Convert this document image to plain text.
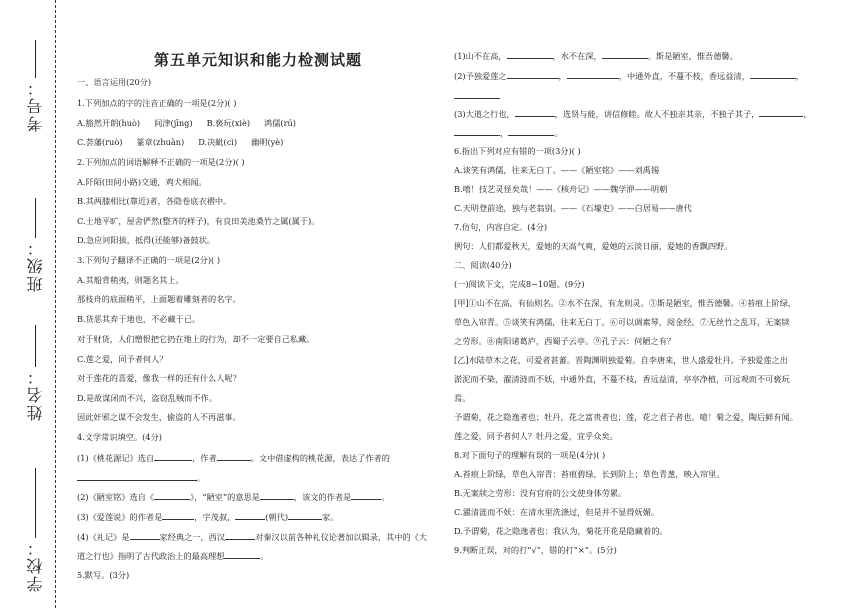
考号：
班级：
姓名：
学校：
第五单元知识和能力检测试题
一、语言运用(20分)
1.下列加点的字的注音正确的一项是(2分)( )
A.豁然开朗(huò) 间津(jīng) B.亵玩(xiè) 鸿儒(rú)
C.荟藩(ruò) 篆章(zhuàn) D.决眦(cì) 幽明(yè)
2.下列加点的词语解释不正确的一项是(2分)( )
A.阡陌(田间小路)交通，鸡犬相闻。
B.其两膝相比(靠近)者，各隐卷底衣褶中。
C.土地平旷，屋舍俨然(整齐的样子)，有良田美池桑竹之属(属于)。
D.急应诃阳拔，抵得(还能够)备鼓状。
3.下列句子翻译不正确的一项是(2分)( )
A.其船背稍夷，则题名其上。
那枝舟的底面稍平，上面题着雕刻者的名字。
B.货恶其弃于地也，不必藏于已。
对于财货，人们憎恨把它扔在地上的行为，却不一定要自己私藏。
C.莲之爱，同予者何人？
对于莲花的喜爱，像我一样的还有什么人呢？
D.是故谋闭而不兴，盗窃乱贼而不作。
因此奸邪之谋不会发生，偷盗的人不再滋事。
4.文学常识填空。(4分)
(1)《桃花源记》选自	，作者	。文中借虚构的桃花源，表达了作者的
。
(2)《陋室铭》选自《	》，“陋室”的意思是	，该文的作者是	。
(3)《爱莲说》的作者是	，字茂叔，	(朝代)	家。
(4)《礼记》是	家经典之一，西汉	对秦汉以前各种礼仪论著加以辑录，其中的《大
道之行也》指明了古代政治上的最高理想	。
5.默写。(3分)
(1)山不在高，	，水不在深，	。斯是陋室，惟吾德馨。
(2)予独爱莲之	，	，中通外直，不蔓不枝，香远益清，	，
(3)大道之行也，	，选贤与能，讲信修睦。故人不独亲其亲，不独子其子，	，
，	。
6.指出下列对应有错的一项(3分)( )
A.谈笑有鸿儒，往来无白丁。——《陋室铭》——刘禹锡
B.嘻！技艺灵怪矣哉！——《核舟记》——魏学洢——明朝
C.天明登前途，独与老翁别。——《石壕吏》——白居易——唐代
7.仿句，内容自定。(4分)
例句：人们都爱秋天，爱她的天高气爽，爱她的云淡日丽，爱她的香飘四野。
二、阅读(40分)
(一)阅读下文，完成8~10题。(9分)
[甲]①山不在高，有仙则名。②水不在深，有龙则灵。③斯是陋室，惟吾德馨。④苔痕上阶绿，
草色入帘青。⑤谈笑有鸿儒，往来无白丁。⑥可以调素琴，阅金经。⑦无丝竹之乱耳，无案牍
之劳形。⑧南阳诸葛庐，西蜀子云亭。⑨孔子云：何陋之有？
[乙]水陆草木之花，可爱者甚蕃。晋陶渊明独爱菊。自李唐来，世人盛爱牡丹。予独爱莲之出
淤泥而不染，濯清涟而不妖，中通外直，不蔓不枝，香远益清，亭亭净植，可远观而不可亵玩
焉。
予谓菊，花之隐逸者也；牡丹，花之富贵者也；莲，花之君子者也。噫！菊之爱，陶后鲜有闻。
莲之爱，同予者何人？牡丹之爱，宜乎众矣。
8.对下面句子的理解有误的一项是(4分)( )
A.苔痕上阶绿，草色入帘青：苔痕碧绿，长到阶上；草色青葱，映入帘里。
B.无案牍之劳形：没有官府的公文使身体劳累。
C.濯清涟而不妖：在清水里洗涤过，但是并不显得妩媚。
D.予谓菊，花之隐逸者也：我认为，菊花开花是隐藏着的。
9.判断正误，对的打“√”，错的打“×”。(5分)
